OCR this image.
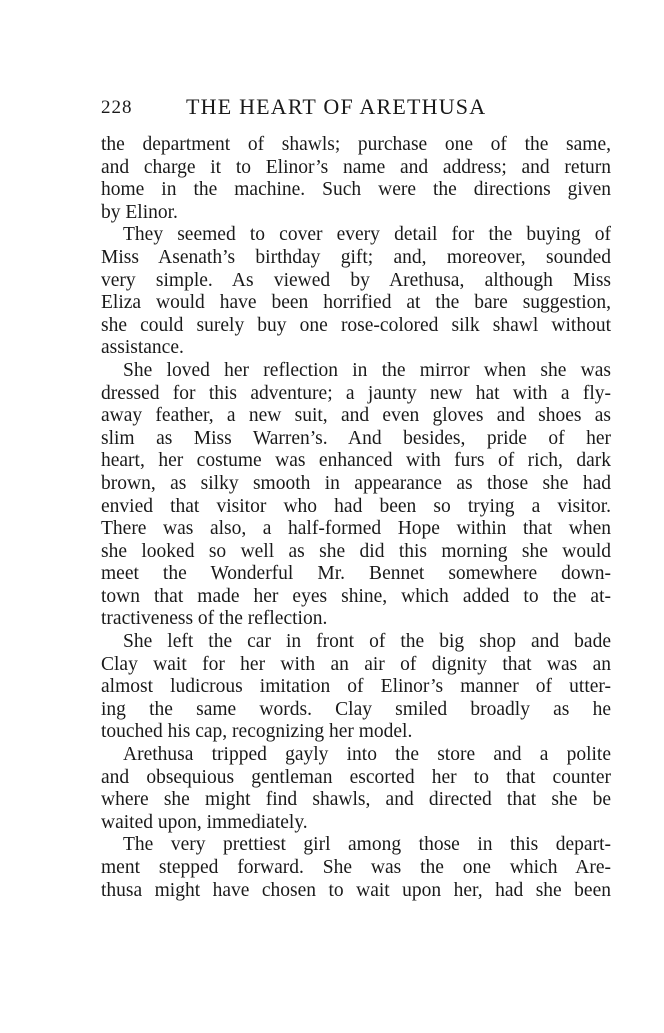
228 THE HEART OF ARETHUSA
the department of shawls; purchase one of the same,
and charge it to Elinor’s name and address; and return
home in the machine. Such were the directions given
by Elinor.
They seemed to cover every detail for the buying of
Miss Asenath’s birthday gift; and, moreover, sounded
very simple. As viewed by Arethusa, although Miss
Eliza would have been horrified at the bare suggestion,
she could surely buy one rose-colored silk shawl without
assistance.
She loved her reflection in the mirror when she was
dressed for this adventure; a jaunty new hat with a fly-
away feather, a new suit, and even gloves and shoes as
slim as Miss Warren’s. And besides, pride of her
heart, her costume was enhanced with furs of rich, dark
brown, as silky smooth in appearance as those she had
envied that visitor who had been so trying a visitor.
There was also, a half-formed Hope within that when
she looked so well as she did this morning she would
meet the Wonderful Mr. Bennet somewhere down-
town that made her eyes shine, which added to the at-
tractiveness of the reflection.
She left the car in front of the big shop and bade
Clay wait for her with an air of dignity that was an
almost ludicrous imitation of Elinor’s manner of utter-
ing the same words. Clay smiled broadly as he
touched his cap, recognizing her model.
Arethusa tripped gayly into the store and a polite
and obsequious gentleman escorted her to that counter
where she might find shawls, and directed that she be
waited upon, immediately.
The very prettiest girl among those in this depart-
ment stepped forward. She was the one which Are-
thusa might have chosen to wait upon her, had she been
